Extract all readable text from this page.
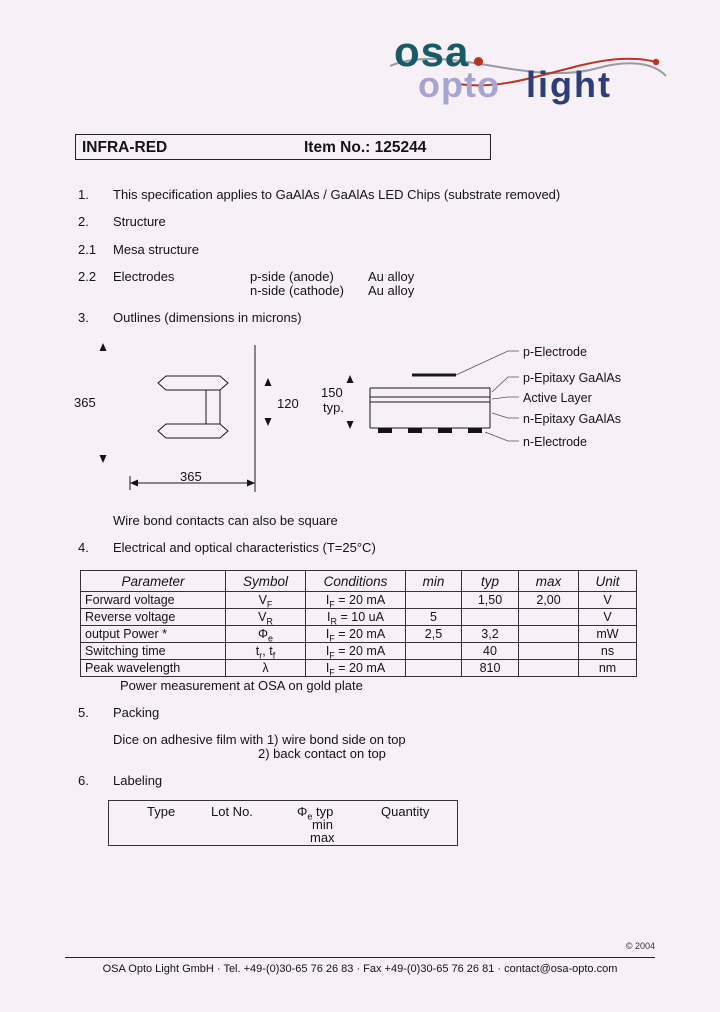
osa
opto light
INFRA-RED	Item No.: 125244
1. This specification applies to GaAlAs / GaAlAs LED Chips (substrate removed)
2. Structure
2.1 Mesa structure
2.2 Electrodes	p-side (anode)	Au alloy
n-side (cathode) Au alloy
3. Outlines (dimensions in microns)
365	120
150
typ.
365
p-Electrode
p-Epitaxy GaAlAs
Active Layer
n-Epitaxy GaAlAs
n-Electrode
Wire bond contacts can also be square
4. Electrical and optical characteristics (T=25°C)
Parameter	Symbol	Conditions	min	typ	max	Unit
Forward voltage	$V_F$	$I_F = 20$ mA		1,50	2,00	V
Reverse voltage	$V_R$	$I_R = 10$ uA	5			V
output Power *	$\Phi_e$	$I_F = 20$ mA	2,5	3,2		mW
Switching time	$t_r$, $t_f$	$I_F = 20$ mA		40		ns
Peak wavelength	λ	$I_F = 20$ mA		810		nm
Power measurement at OSA on gold plate
5. Packing
Dice on adhesive film with 1) wire bond side on top
2) back contact on top
6. Labeling
Type	Lot No.	$\Phi_e$ typ
min
max
Quantity
© 2004
OSA Opto Light GmbH · Tel. +49-(0)30-65 76 26 83 · Fax +49-(0)30-65 76 26 81 · contact@osa-opto.com
